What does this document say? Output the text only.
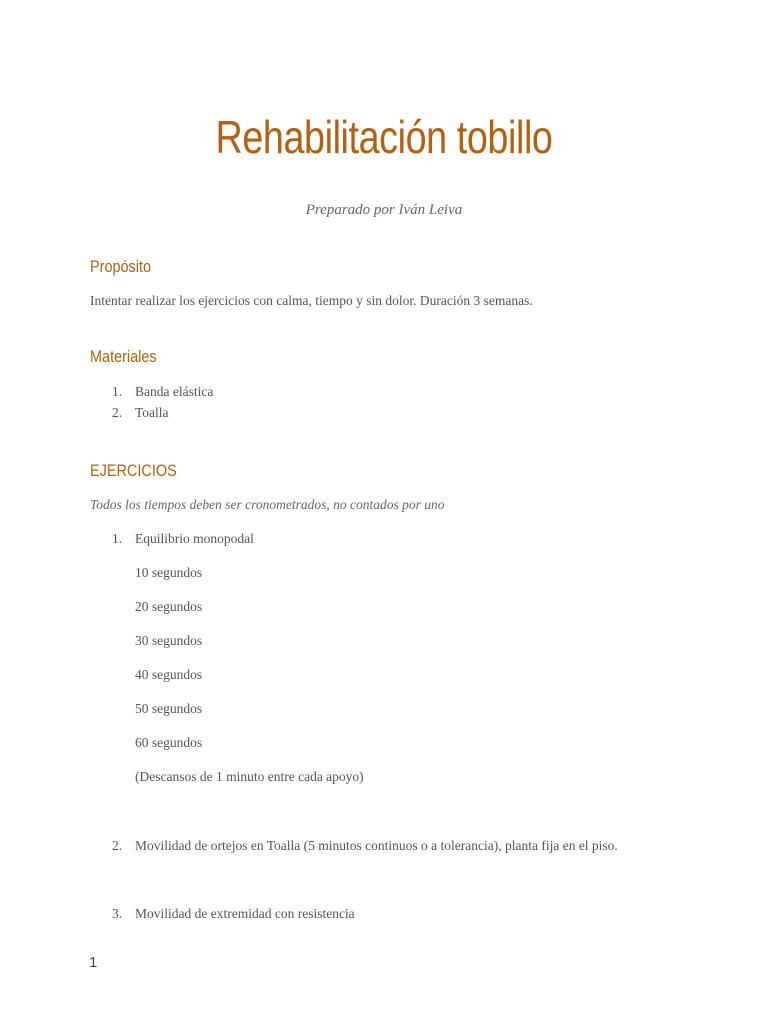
Rehabilitación tobillo
Preparado por Iván Leiva
Propósito
Intentar realizar los ejercicios con calma, tiempo y sin dolor. Duración 3 semanas.
Materiales
1. Banda elástica
2. Toalla
EJERCICIOS
Todos los tiempos deben ser cronometrados, no contados por uno
1. Equilibrio monopodal
10 segundos
20 segundos
30 segundos
40 segundos
50 segundos
60 segundos
(Descansos de 1 minuto entre cada apoyo)
2. Movilidad de ortejos en Toalla (5 minutos continuos o a tolerancia), planta fija en el piso.
3. Movilidad de extremidad con resistencia
1
